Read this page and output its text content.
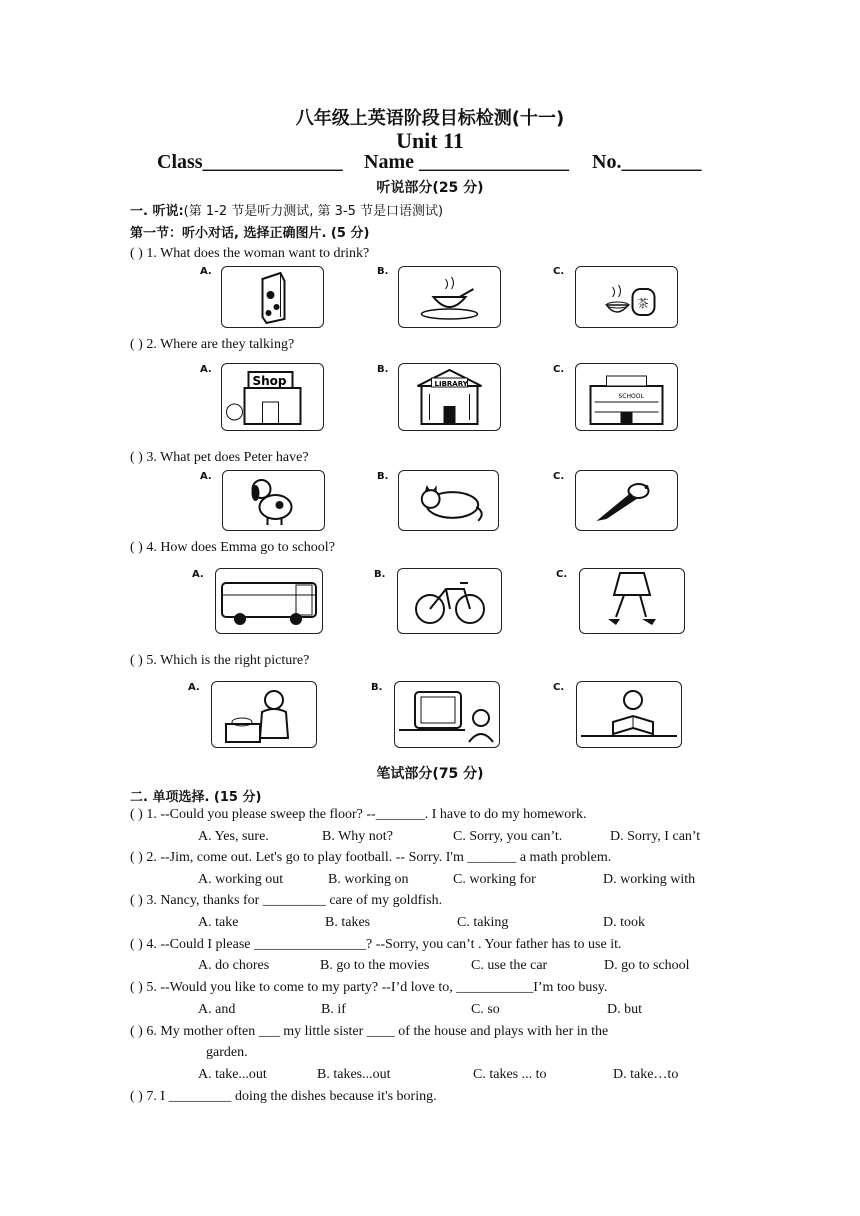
八年级上英语阶段目标检测(十一)
Unit 11
Class______________ Name _______________ No.________
听说部分(25 分)
一. 听说:(第 1-2 节是听力测试, 第 3-5 节是口语测试)
第一节：听小对话, 选择正确图片. (5 分)
( ) 1. What does the woman want to drink?
A.	B.	C.
茶
( ) 2. Where are they talking?
A.	B.	C.
Shop	LIBRARY
SCHOOL
( ) 3. What pet does Peter have?
A.	B.	C.
( ) 4. How does Emma go to school?
A.	B.	C.
( ) 5. Which is the right picture?
A.	B.	C.
笔试部分(75 分)
二. 单项选择. (15 分)
( ) 1. --Could you please sweep the floor? --_______. I have to do my homework.
A. Yes, sure.	B. Why not?	C. Sorry, you can’t.	D. Sorry, I can’t
( ) 2. --Jim, come out. Let's go to play football. -- Sorry. I'm _______ a math problem.
A. working out	B. working on	C. working for	D. working with
( ) 3. Nancy, thanks for _________ care of my goldfish.
A. take	B. takes	C. taking	D. took
( ) 4. --Could I please ________________? --Sorry, you can’t . Your father has to use it.
A. do chores	B. go to the movies	C. use the car	D. go to school
( ) 5. --Would you like to come to my party? --I’d love to, ___________I’m too busy.
A. and	B. if	C. so	D. but
( ) 6. My mother often ___ my little sister ____ of the house and plays with her in the
garden.
A. take...out	B. takes...out	C. takes ... to	D. take…to
( ) 7. I _________ doing the dishes because it's boring.
